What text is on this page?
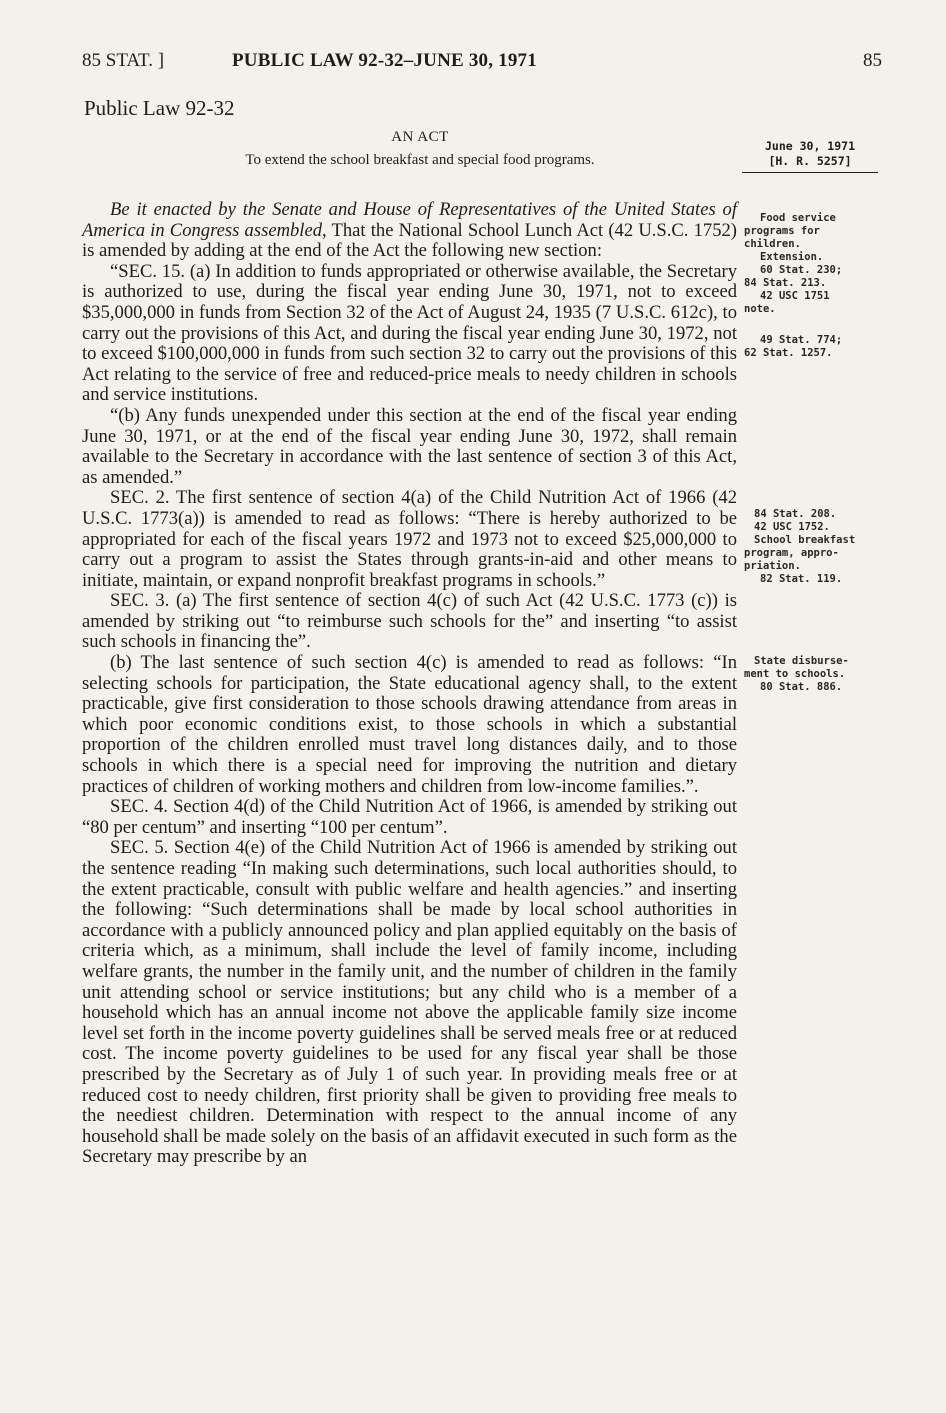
85 STAT. ]	PUBLIC LAW 92-32–JUNE 30, 1971	85
Public Law 92-32
AN ACT
To extend the school breakfast and special food programs.
June 30, 1971
[H. R. 5257]

Be it enacted by the Senate and House of Representatives of the United States of America in Congress assembled, That the National School Lunch Act (42 U.S.C. 1752) is amended by adding at the end of the Act the following new section:

“SEC. 15. (a) In addition to funds appropriated or otherwise available, the Secretary is authorized to use, during the fiscal year ending June 30, 1971, not to exceed $35,000,000 in funds from Section 32 of the Act of August 24, 1935 (7 U.S.C. 612c), to carry out the provisions of this Act, and during the fiscal year ending June 30, 1972, not to exceed $100,000,000 in funds from such section 32 to carry out the provisions of this Act relating to the service of free and reduced-price meals to needy children in schools and service institutions.

“(b) Any funds unexpended under this section at the end of the fiscal year ending June 30, 1971, or at the end of the fiscal year ending June 30, 1972, shall remain available to the Secretary in accordance with the last sentence of section 3 of this Act, as amended.”

SEC. 2. The first sentence of section 4(a) of the Child Nutrition Act of 1966 (42 U.S.C. 1773(a)) is amended to read as follows: “There is hereby authorized to be appropriated for each of the fiscal years 1972 and 1973 not to exceed $25,000,000 to carry out a program to assist the States through grants-in-aid and other means to initiate, maintain, or expand nonprofit breakfast programs in schools.”

SEC. 3. (a) The first sentence of section 4(c) of such Act (42 U.S.C. 1773 (c)) is amended by striking out “to reimburse such schools for the” and inserting “to assist such schools in financing the”.

(b) The last sentence of such section 4(c) is amended to read as follows: “In selecting schools for participation, the State educational agency shall, to the extent practicable, give first consideration to those schools drawing attendance from areas in which poor economic conditions exist, to those schools in which a substantial proportion of the children enrolled must travel long distances daily, and to those schools in which there is a special need for improving the nutrition and dietary practices of children of working mothers and children from low-income families.”.

SEC. 4. Section 4(d) of the Child Nutrition Act of 1966, is amended by striking out “80 per centum” and inserting “100 per centum”.

SEC. 5. Section 4(e) of the Child Nutrition Act of 1966 is amended by striking out the sentence reading “In making such determinations, such local authorities should, to the extent practicable, consult with public welfare and health agencies.” and inserting the following: “Such determinations shall be made by local school authorities in accordance with a publicly announced policy and plan applied equitably on the basis of criteria which, as a minimum, shall include the level of family income, including welfare grants, the number in the family unit, and the number of children in the family unit attending school or service institutions; but any child who is a member of a household which has an annual income not above the applicable family size income level set forth in the income poverty guidelines shall be served meals free or at reduced cost. The income poverty guidelines to be used for any fiscal year shall be those prescribed by the Secretary as of July 1 of such year. In providing meals free or at reduced cost to needy children, first priority shall be given to providing free meals to the neediest children. Determination with respect to the annual income of any household shall be made solely on the basis of an affidavit executed in such form as the Secretary may prescribe by an

Food service
programs for
children.
Extension.
60 Stat. 230;
84 Stat. 213.
42 USC 1751
note.
49 Stat. 774;
62 Stat. 1257.
84 Stat. 208.
42 USC 1752.
School breakfast
program, appro-
priation.
82 Stat. 119.
State disburse-
ment to schools.
80 Stat. 886.
